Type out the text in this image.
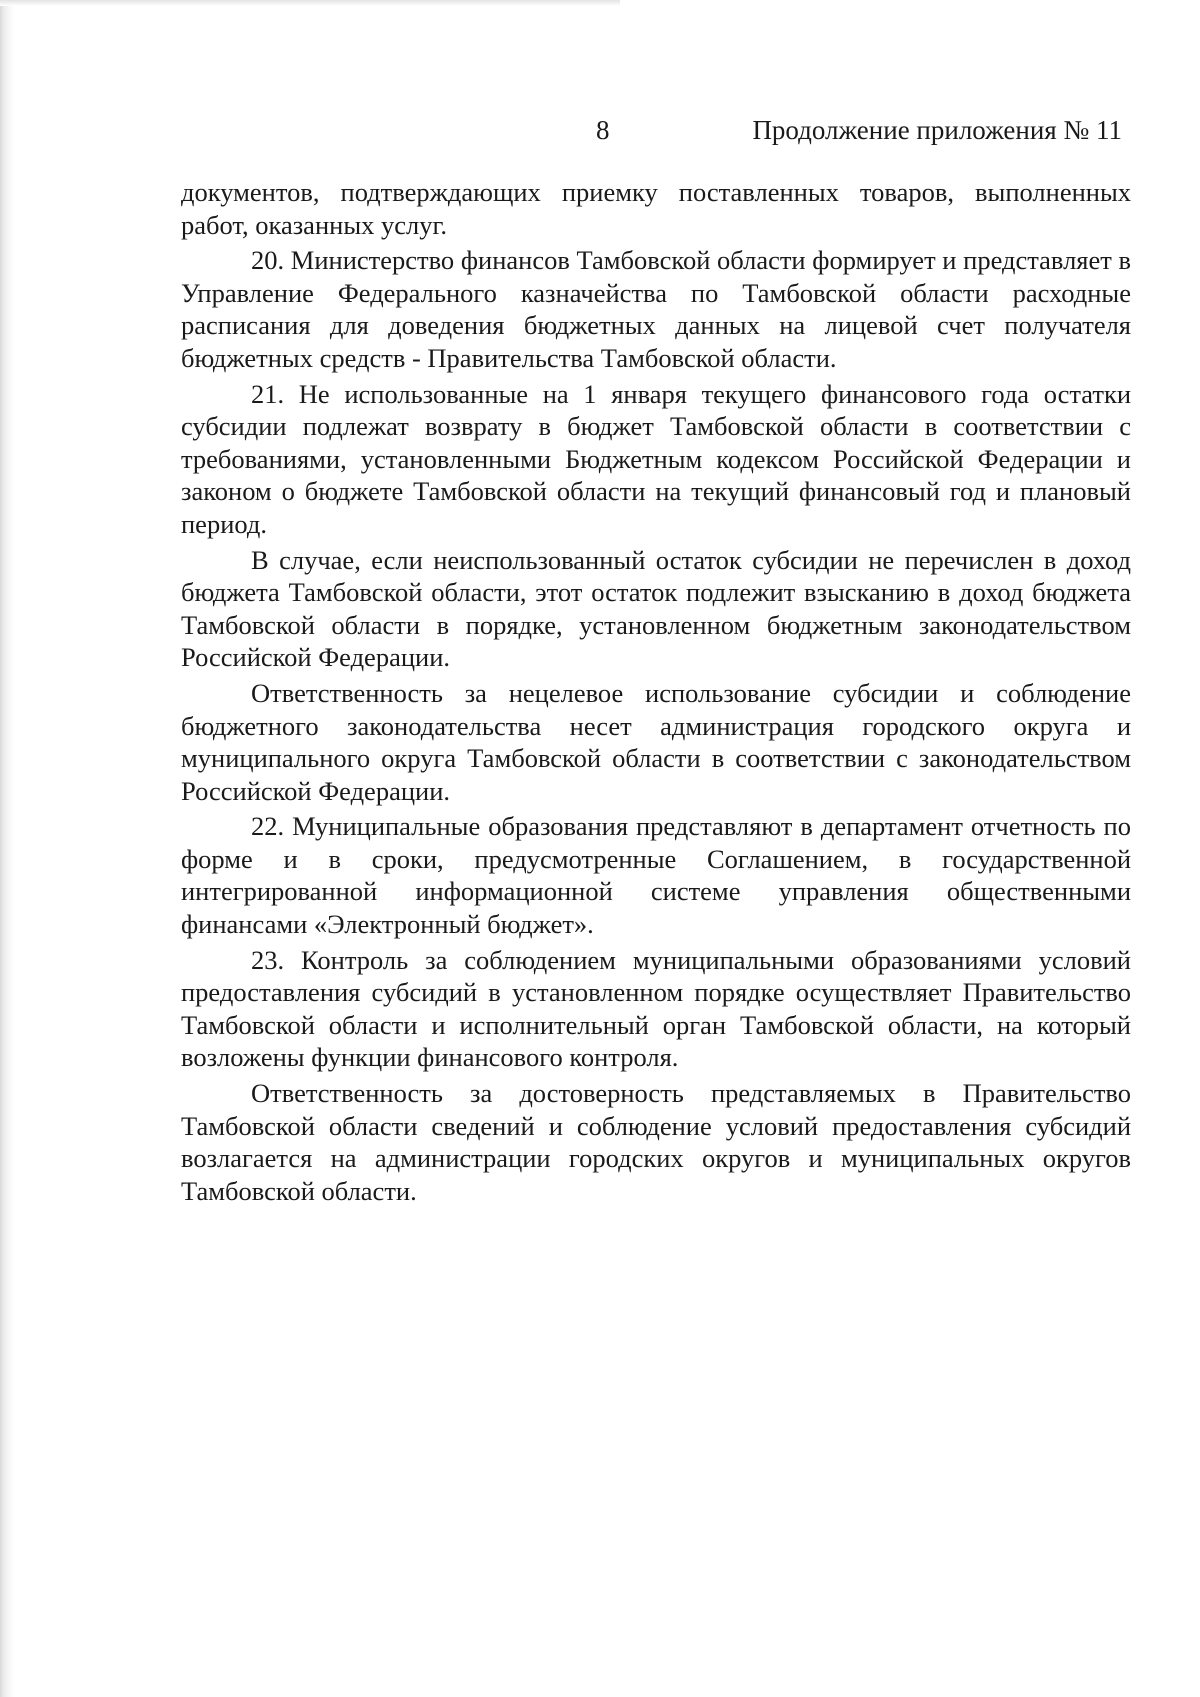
8	Продолжение приложения № 11

документов, подтверждающих приемку поставленных товаров, выполненных работ, оказанных услуг.

20. Министерство финансов Тамбовской области формирует и представляет в Управление Федерального казначейства по Тамбовской области расходные расписания для доведения бюджетных данных на лицевой счет получателя бюджетных средств - Правительства Тамбовской области.

21. Не использованные на 1 января текущего финансового года остатки субсидии подлежат возврату в бюджет Тамбовской области в соответствии с требованиями, установленными Бюджетным кодексом Российской Федерации и законом о бюджете Тамбовской области на текущий финансовый год и плановый период.

В случае, если неиспользованный остаток субсидии не перечислен в доход бюджета Тамбовской области, этот остаток подлежит взысканию в доход бюджета Тамбовской области в порядке, установленном бюджетным законодательством Российской Федерации.

Ответственность за нецелевое использование субсидии и соблюдение бюджетного законодательства несет администрация городского округа и муниципального округа Тамбовской области в соответствии с законодательством Российской Федерации.

22. Муниципальные образования представляют в департамент отчетность по форме и в сроки, предусмотренные Соглашением, в государственной интегрированной информационной системе управления общественными финансами «Электронный бюджет».

23. Контроль за соблюдением муниципальными образованиями условий предоставления субсидий в установленном порядке осуществляет Правительство Тамбовской области и исполнительный орган Тамбовской области, на который возложены функции финансового контроля.

Ответственность за достоверность представляемых в Правительство Тамбовской области сведений и соблюдение условий предоставления субсидий возлагается на администрации городских округов и муниципальных округов Тамбовской области.
